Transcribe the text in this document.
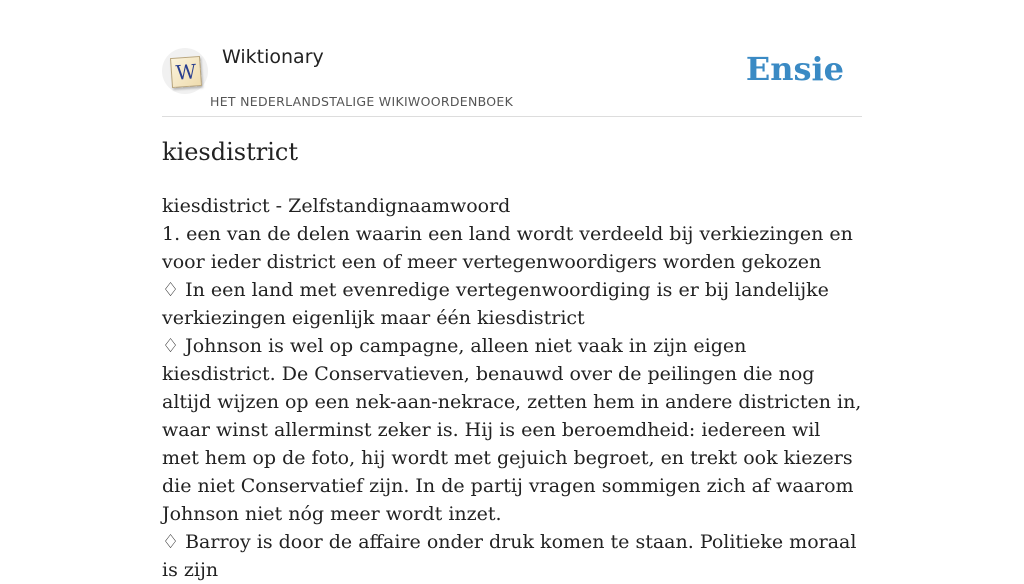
W
Wiktionary
HET NEDERLANDSTALIGE WIKIWOORDENBOEK
Ensie
kiesdistrict

kiesdistrict - Zelfstandignaamwoord

1. een van de delen waarin een land wordt verdeeld bij verkiezingen en voor ieder district een of meer vertegenwoordigers worden gekozen

♢ In een land met evenredige vertegenwoordiging is er bij landelijke verkiezingen eigenlijk maar één kiesdistrict

♢ Johnson is wel op campagne, alleen niet vaak in zijn eigen kiesdistrict. De Conservatieven, benauwd over de peilingen die nog altijd wijzen op een nek-aan-nekrace, zetten hem in andere districten in, waar winst allerminst zeker is. Hij is een beroemdheid: iedereen wil met hem op de foto, hij wordt met gejuich begroet, en trekt ook kiezers die niet Conservatief zijn. In de partij vragen sommigen zich af waarom Johnson niet nóg meer wordt inzet.

♢ Barroy is door de affaire onder druk komen te staan. Politieke moraal is zijn
